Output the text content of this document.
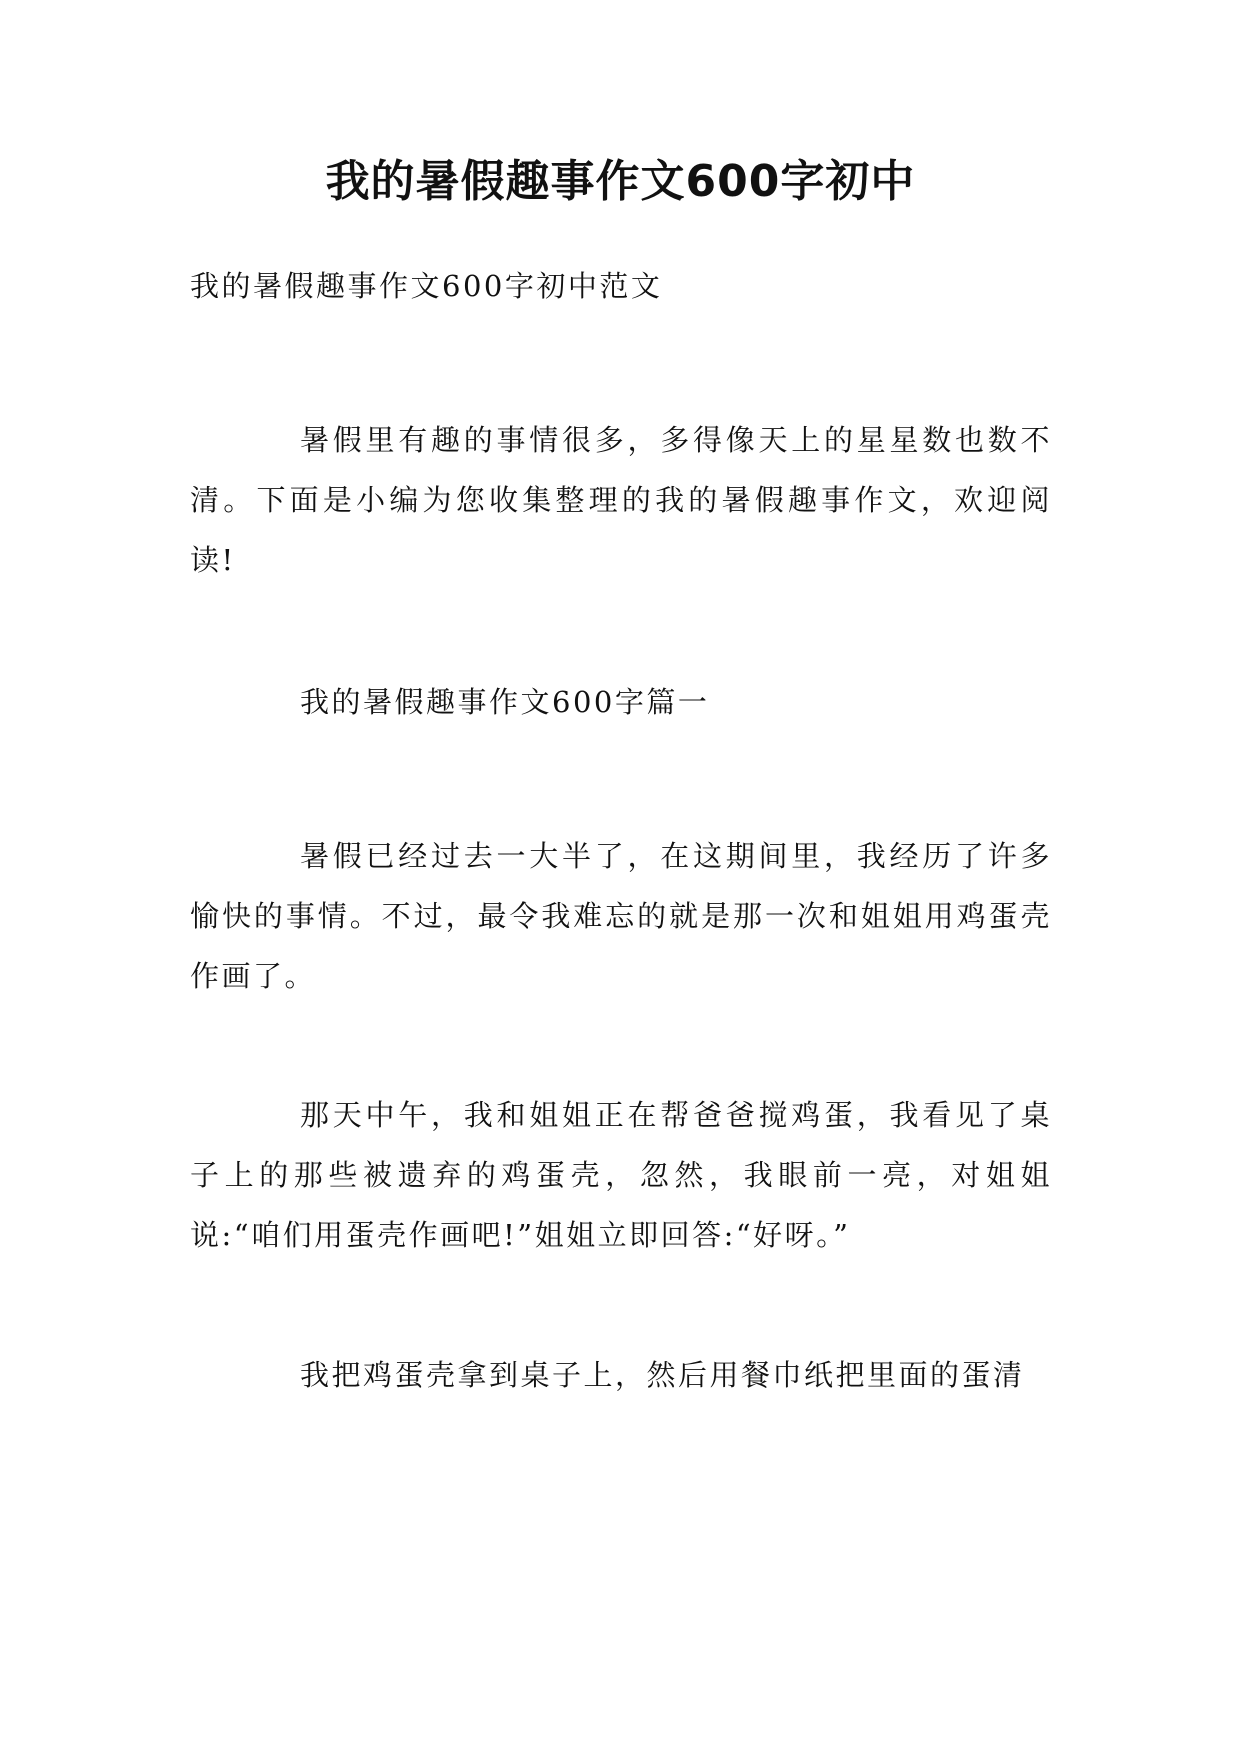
我的暑假趣事作文600字初中

我的暑假趣事作文600字初中范文

暑假里有趣的事情很多，多得像天上的星星数也数不清。下面是小编为您收集整理的我的暑假趣事作文，欢迎阅读!

我的暑假趣事作文600字篇一

暑假已经过去一大半了，在这期间里，我经历了许多愉快的事情。不过，最令我难忘的就是那一次和姐姐用鸡蛋壳作画了。

那天中午，我和姐姐正在帮爸爸搅鸡蛋，我看见了桌子上的那些被遗弃的鸡蛋壳，忽然，我眼前一亮，对姐姐说:“咱们用蛋壳作画吧!”姐姐立即回答:“好呀。”

我把鸡蛋壳拿到桌子上，然后用餐巾纸把里面的蛋清
